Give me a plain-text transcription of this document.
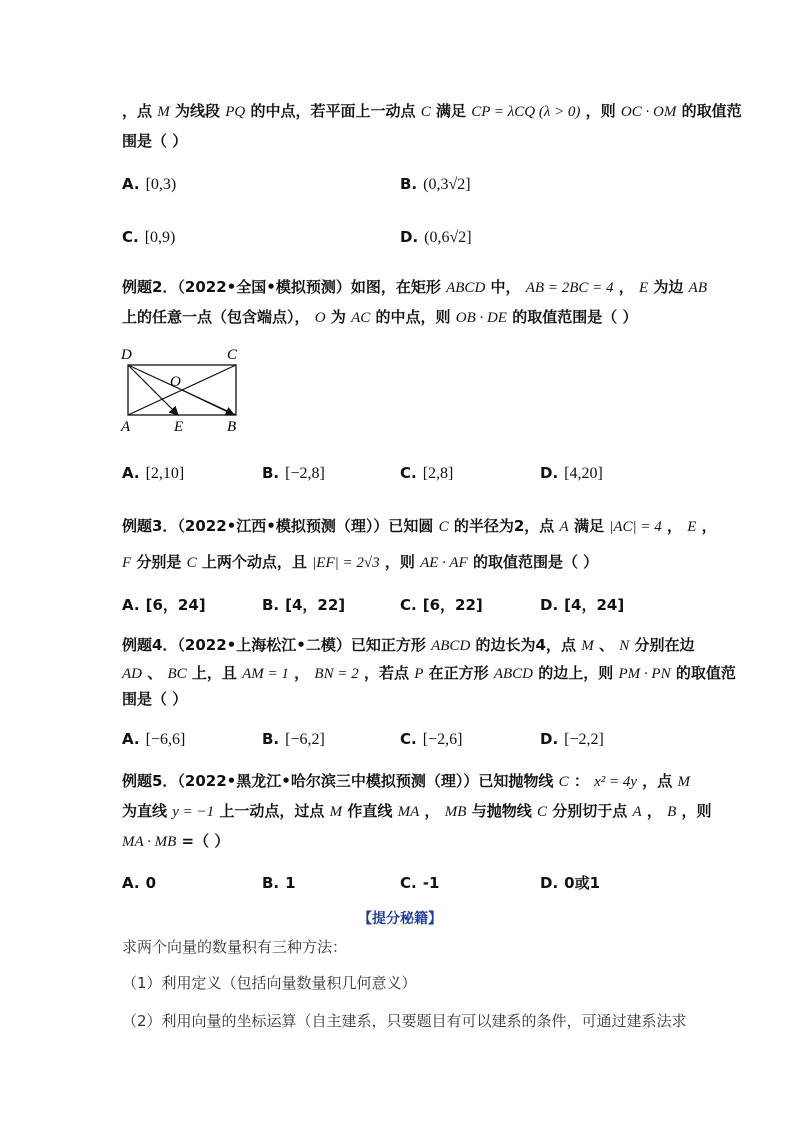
，点 M 为线段 PQ 的中点，若平面上一动点 C 满足 CP = λCQ (λ > 0) ，则 OC · OM 的取值范
围是（ ）
A. [0,3)	B. (0,3√2]
C. [0,9)	D. (0,6√2]
例题2．（2022•全国•模拟预测）如图，在矩形 ABCD 中， AB = 2BC = 4 ， E 为边 AB
上的任意一点（包含端点）， O 为 AC 的中点，则 OB · DE 的取值范围是（ ）
D	C
O
A	E	B
A. [2,10]	B. [−2,8]	C. [2,8]	D. [4,20]
例题3．（2022•江西•模拟预测（理））已知圆 C 的半径为2，点 A 满足 |AC| = 4 ， E ，
F 分别是 C 上两个动点，且 |EF| = 2√3 ，则 AE · AF 的取值范围是（ ）
A. [6，24]	B. [4，22]	C. [6，22]	D. [4，24]
例题4．（2022•上海松江•二模）已知正方形 ABCD 的边长为4，点 M 、 N 分别在边
AD 、 BC 上，且 AM = 1 ， BN = 2 ，若点 P 在正方形 ABCD 的边上，则 PM · PN 的取值范
围是（ ）
A. [−6,6]	B. [−6,2]	C. [−2,6]	D. [−2,2]
例题5．（2022•黑龙江•哈尔滨三中模拟预测（理））已知抛物线 C ： x² = 4y ，点 M
为直线 y = −1 上一动点，过点 M 作直线 MA ， MB 与抛物线 C 分别切于点 A ， B ，则
MA · MB =（ ）
A. 0	B. 1	C. -1	D. 0或1
【提分秘籍】
求两个向量的数量积有三种方法：
（1）利用定义（包括向量数量积几何意义）
（2）利用向量的坐标运算（自主建系，只要题目有可以建系的条件，可通过建系法求
